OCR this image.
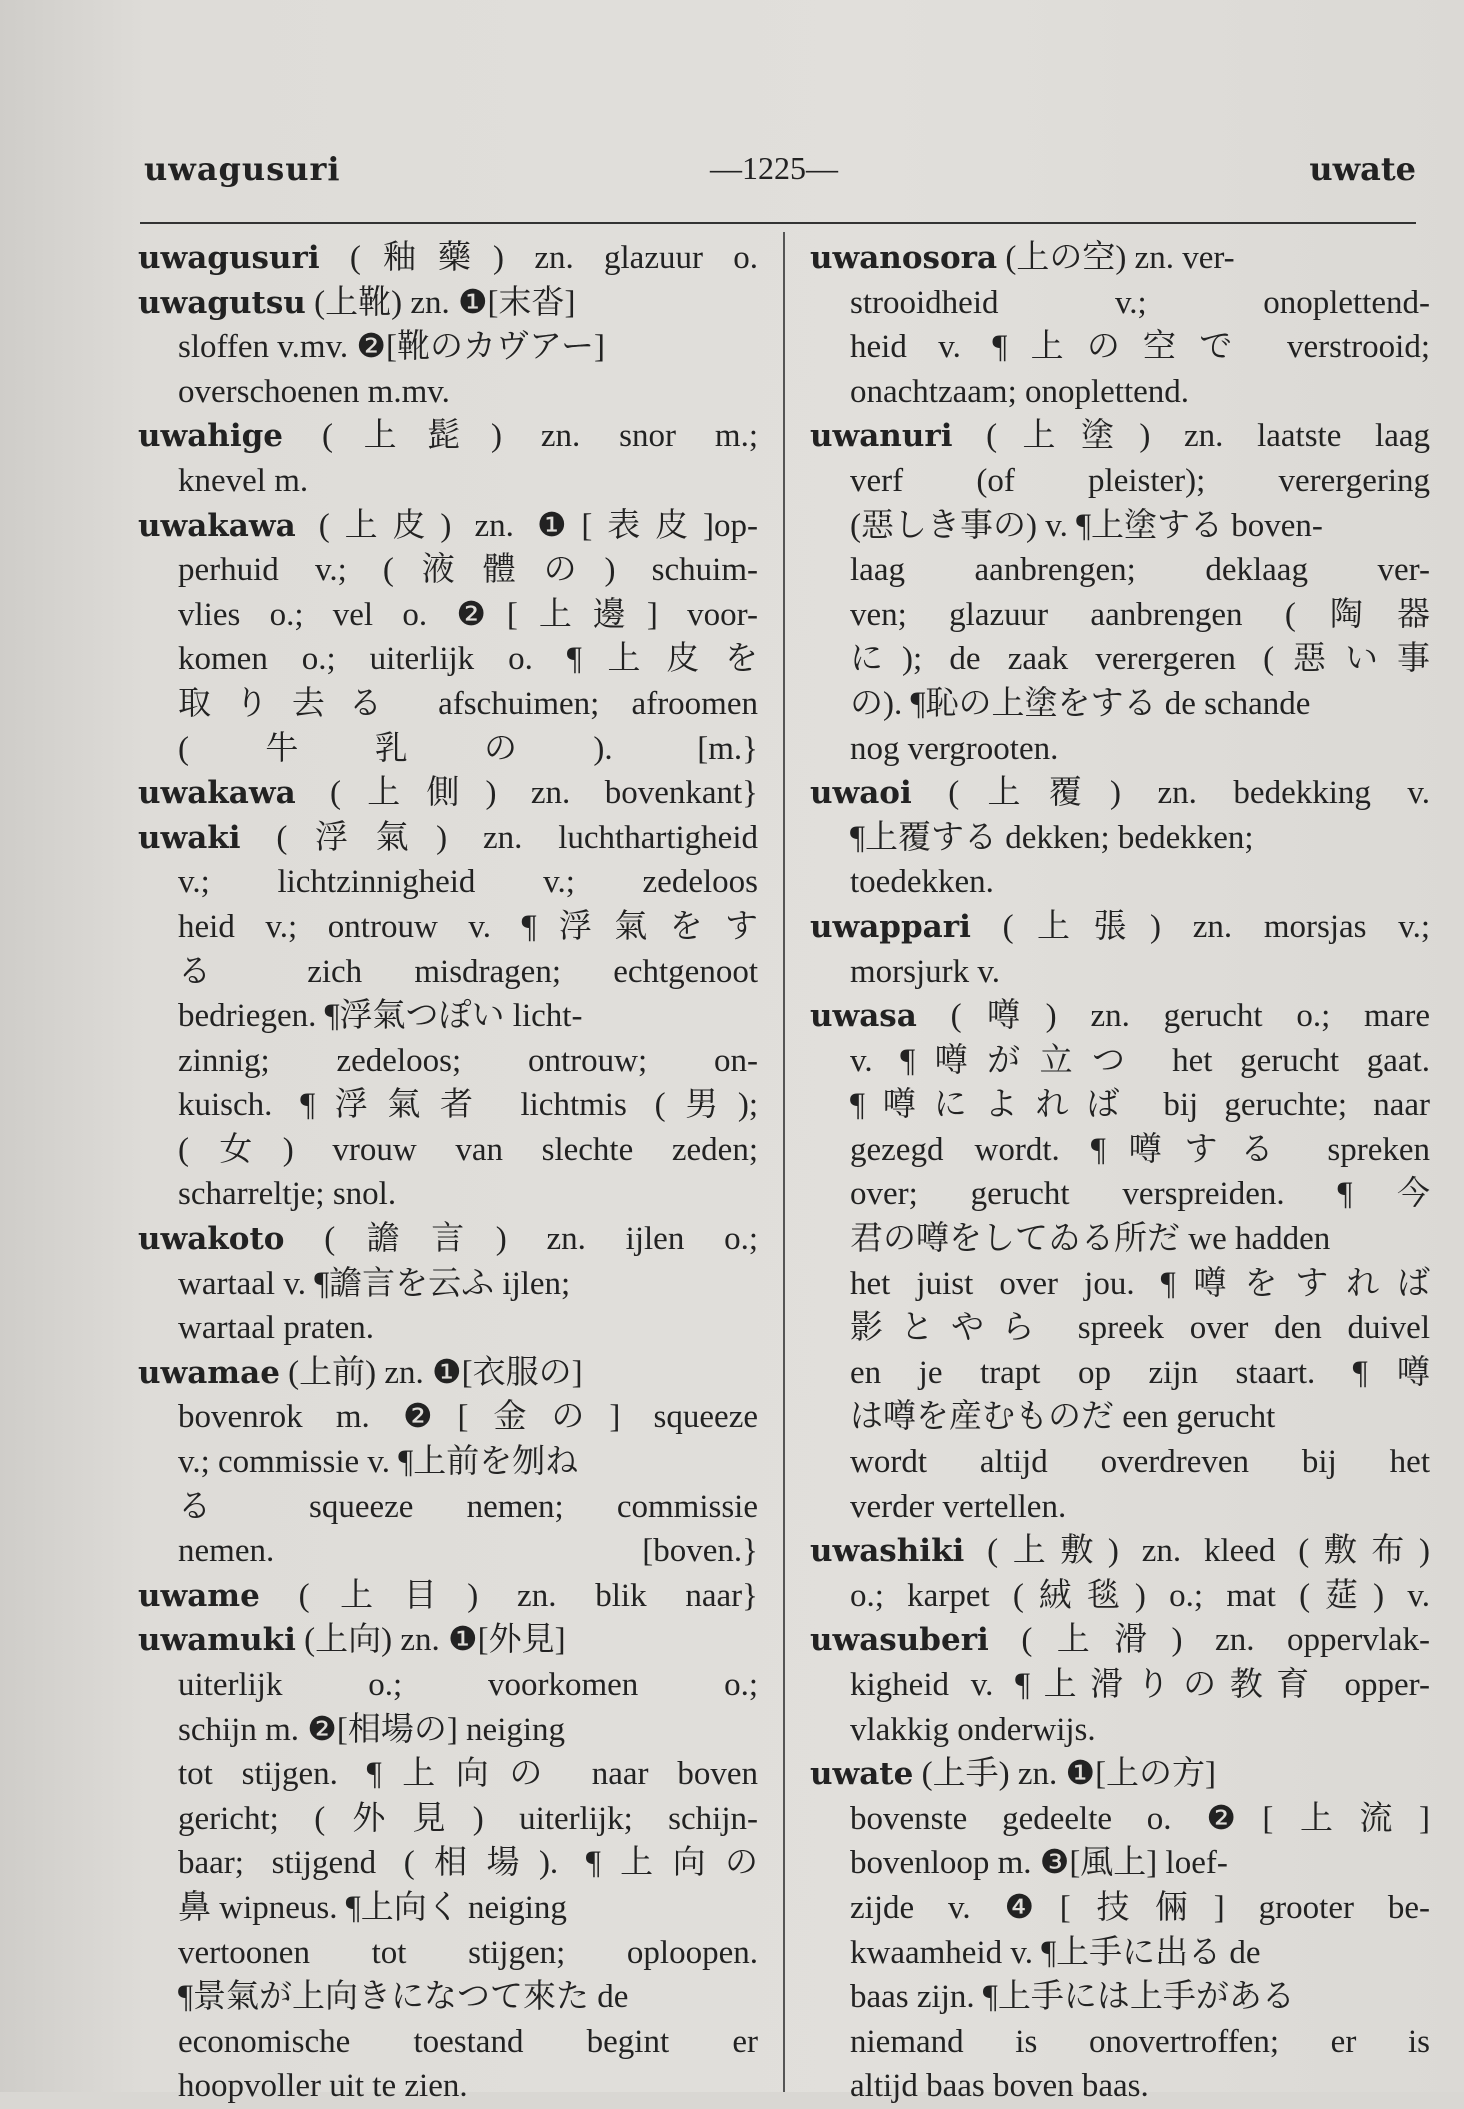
uwagusuri	—1225—	uwate
uwagusuri (釉藥) zn. glazuur o.
uwagutsu (上靴) zn. ❶[末沓]
sloffen v.mv. ❷[靴のカヴアー]
overschoenen m.mv.
uwahige (上髭) zn. snor m.;
knevel m.
uwakawa (上皮) zn. ❶[表皮]op-
perhuid v.; (液體の) schuim-
vlies o.; vel o. ❷[上邊] voor-
komen o.; uiterlijk o. ¶上皮を
取り去る afschuimen; afroomen
(牛乳の). [m.}
uwakawa (上側) zn. bovenkant}
uwaki (浮氣) zn. luchthartigheid
v.; lichtzinnigheid v.; zedeloos
heid v.; ontrouw v. ¶浮氣をす
る zich misdragen; echtgenoot
bedriegen. ¶浮氣つぽい licht-
zinnig; zedeloos; ontrouw; on-
kuisch. ¶浮氣者 lichtmis (男);
(女) vrouw van slechte zeden;
scharreltje; snol.
uwakoto (譫言) zn. ijlen o.;
wartaal v. ¶譫言を云ふ ijlen;
wartaal praten.
uwamae (上前) zn. ❶[衣服の]
bovenrok m. ❷[金の] squeeze
v.; commissie v. ¶上前を刎ね
る squeeze nemen; commissie
nemen. [boven.}
uwame (上目) zn. blik naar}
uwamuki (上向) zn. ❶[外見]
uiterlijk o.; voorkomen o.;
schijn m. ❷[相場の] neiging
tot stijgen. ¶上向の naar boven
gericht; (外見) uiterlijk; schijn-
baar; stijgend (相場). ¶上向の
鼻 wipneus. ¶上向く neiging
vertoonen tot stijgen; oploopen.
¶景氣が上向きになつて來た de
economische toestand begint er
hoopvoller uit te zien.
uwanosora (上の空) zn. ver-
strooidheid v.; onoplettend-
heid v. ¶上の空で verstrooid;
onachtzaam; onoplettend.
uwanuri (上塗) zn. laatste laag
verf (of pleister); verergering
(惡しき事の) v. ¶上塗する boven-
laag aanbrengen; deklaag ver-
ven; glazuur aanbrengen (陶器
に); de zaak verergeren (惡い事
の). ¶恥の上塗をする de schande
nog vergrooten.
uwaoi (上覆) zn. bedekking v.
¶上覆する dekken; bedekken;
toedekken.
uwappari (上張) zn. morsjas v.;
morsjurk v.
uwasa (噂) zn. gerucht o.; mare
v. ¶噂が立つ het gerucht gaat.
¶噂によれば bij geruchte; naar
gezegd wordt. ¶噂する spreken
over; gerucht verspreiden. ¶今
君の噂をしてゐる所だ we hadden
het juist over jou. ¶噂をすれば
影とやら spreek over den duivel
en je trapt op zijn staart. ¶噂
は噂を産むものだ een gerucht
wordt altijd overdreven bij het
verder vertellen.
uwashiki (上敷) zn. kleed (敷布)
o.; karpet (絨毯) o.; mat (莚) v.
uwasuberi (上滑) zn. oppervlak-
kigheid v. ¶上滑りの教育 opper-
vlakkig onderwijs.
uwate (上手) zn. ❶[上の方]
bovenste gedeelte o. ❷[上流]
bovenloop m. ❸[風上] loef-
zijde v. ❹[技倆] grooter be-
kwaamheid v. ¶上手に出る de
baas zijn. ¶上手には上手がある
niemand is onovertroffen; er is
altijd baas boven baas.
